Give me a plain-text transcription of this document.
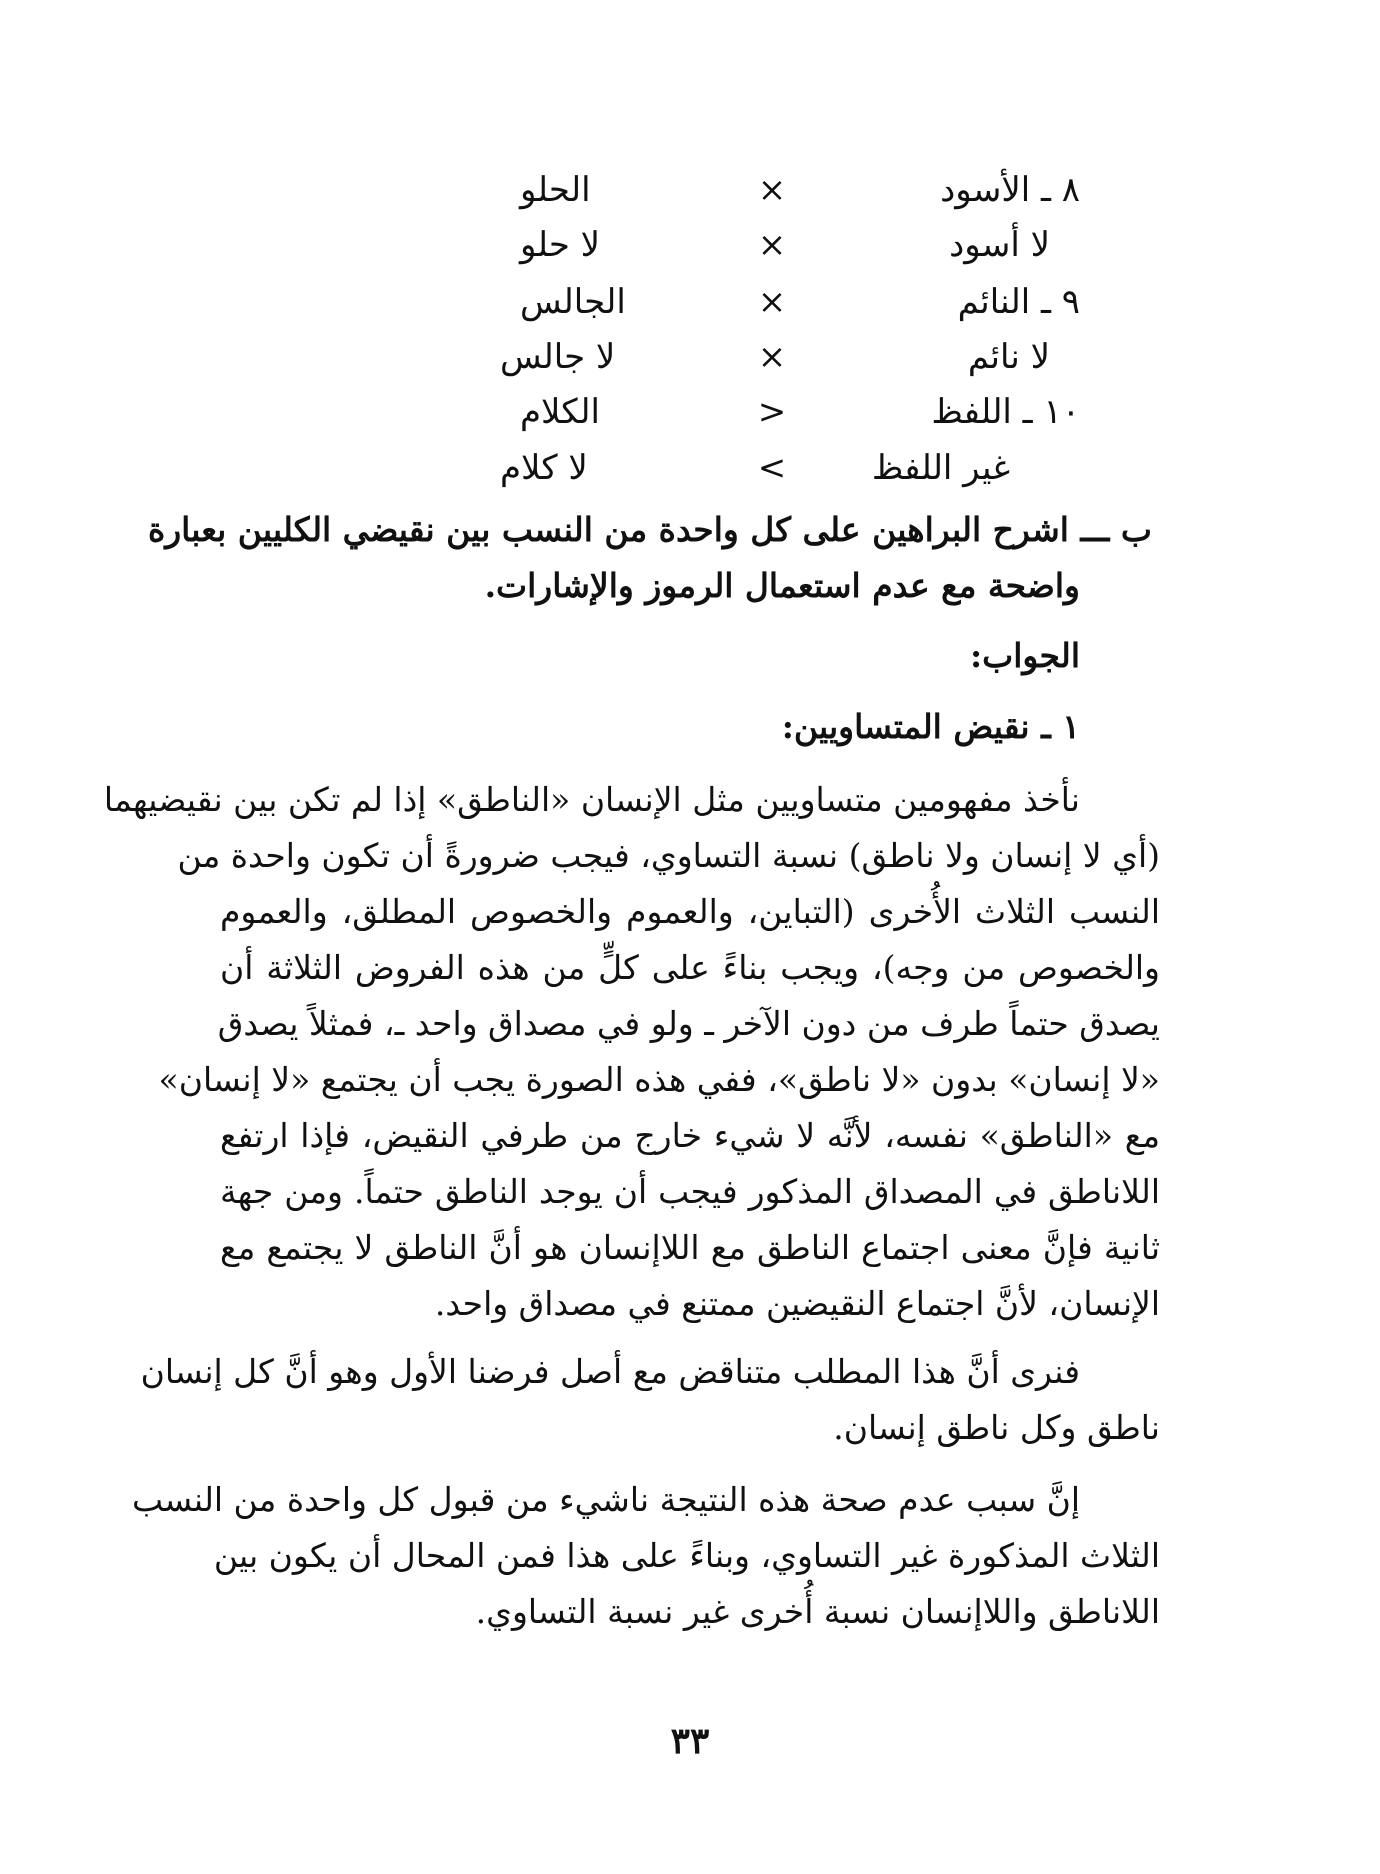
٨ ـ الأسود
×
الحلو
لا أسود
×
لا حلو
٩ ـ النائم
×
الجالس
لا نائم
×
لا جالس
١٠ ـ اللفظ
>
الكلام
غير اللفظ
<
لا كلام
ب ـــ اشرح البراهين على كل واحدة من النسب بين نقيضي الكليين بعبارة
واضحة مع عدم استعمال الرموز والإشارات.
الجواب:
١ ـ نقيض المتساويين:
نأخذ مفهومين متساويين مثل الإنسان «الناطق» إذا لم تكن بين نقيضيهما
(أي لا إنسان ولا ناطق) نسبة التساوي، فيجب ضرورةً أن تكون واحدة من
النسب الثلاث الأُخرى (التباين، والعموم والخصوص المطلق، والعموم
والخصوص من وجه)، ويجب بناءً على كلٍّ من هذه الفروض الثلاثة أن
يصدق حتماً طرف من دون الآخر ـ ولو في مصداق واحد ـ، فمثلاً يصدق
«لا إنسان» بدون «لا ناطق»، ففي هذه الصورة يجب أن يجتمع «لا إنسان»
مع «الناطق» نفسه، لأنَّه لا شيء خارج من طرفي النقيض، فإذا ارتفع
اللاناطق في المصداق المذكور فيجب أن يوجد الناطق حتماً. ومن جهة
ثانية فإنَّ معنى اجتماع الناطق مع اللاإنسان هو أنَّ الناطق لا يجتمع مع
الإنسان، لأنَّ اجتماع النقيضين ممتنع في مصداق واحد.
فنرى أنَّ هذا المطلب متناقض مع أصل فرضنا الأول وهو أنَّ كل إنسان
ناطق وكل ناطق إنسان.
إنَّ سبب عدم صحة هذه النتيجة ناشيء من قبول كل واحدة من النسب
الثلاث المذكورة غير التساوي، وبناءً على هذا فمن المحال أن يكون بين
اللاناطق واللاإنسان نسبة أُخرى غير نسبة التساوي.
٣٣
